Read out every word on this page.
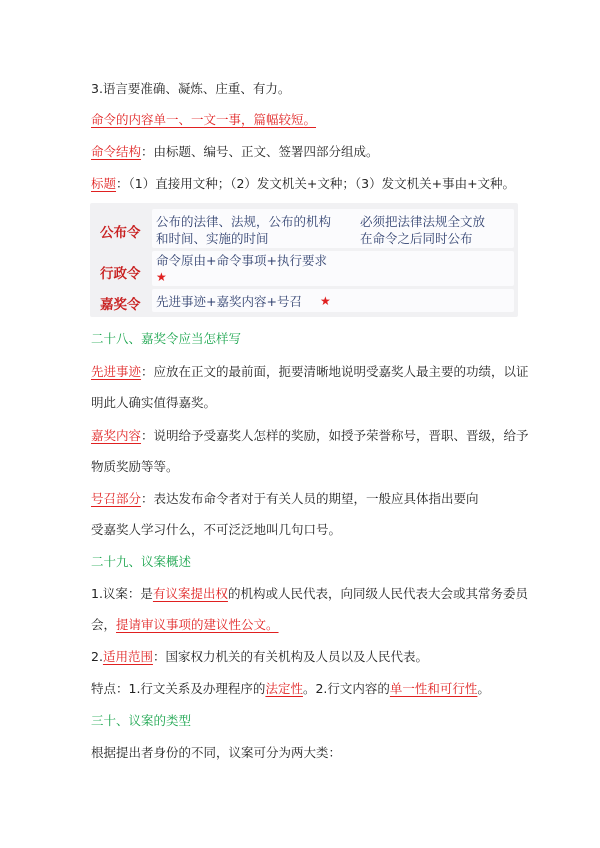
3.语言要准确、凝炼、庄重、有力。
命令的内容单一、一文一事，篇幅较短。
命令结构：由标题、编号、正文、签署四部分组成。
标题：（1）直接用文种；（2）发文机关+文种；（3）发文机关+事由+文种。
公布令
公布的法律、法规，公布的机构
和时间、实施的时间
必须把法律法规全文放
在命令之后同时公布
行政令
命令原由+命令事项+执行要求
★
嘉奖令 先进事迹+嘉奖内容+号召 ★
二十八、嘉奖令应当怎样写
先进事迹：应放在正文的最前面，扼要清晰地说明受嘉奖人最主要的功绩，以证
明此人确实值得嘉奖。
嘉奖内容：说明给予受嘉奖人怎样的奖励，如授予荣誉称号，晋职、晋级，给予
物质奖励等等。
号召部分：表达发布命令者对于有关人员的期望，一般应具体指出要向
受嘉奖人学习什么，不可泛泛地叫几句口号。
二十九、议案概述
1.议案：是有议案提出权的机构或人民代表，向同级人民代表大会或其常务委员
会，提请审议事项的建议性公文。
2.适用范围：国家权力机关的有关机构及人员以及人民代表。
特点：1.行文关系及办理程序的法定性。2.行文内容的单一性和可行性。
三十、议案的类型
根据提出者身份的不同，议案可分为两大类：
